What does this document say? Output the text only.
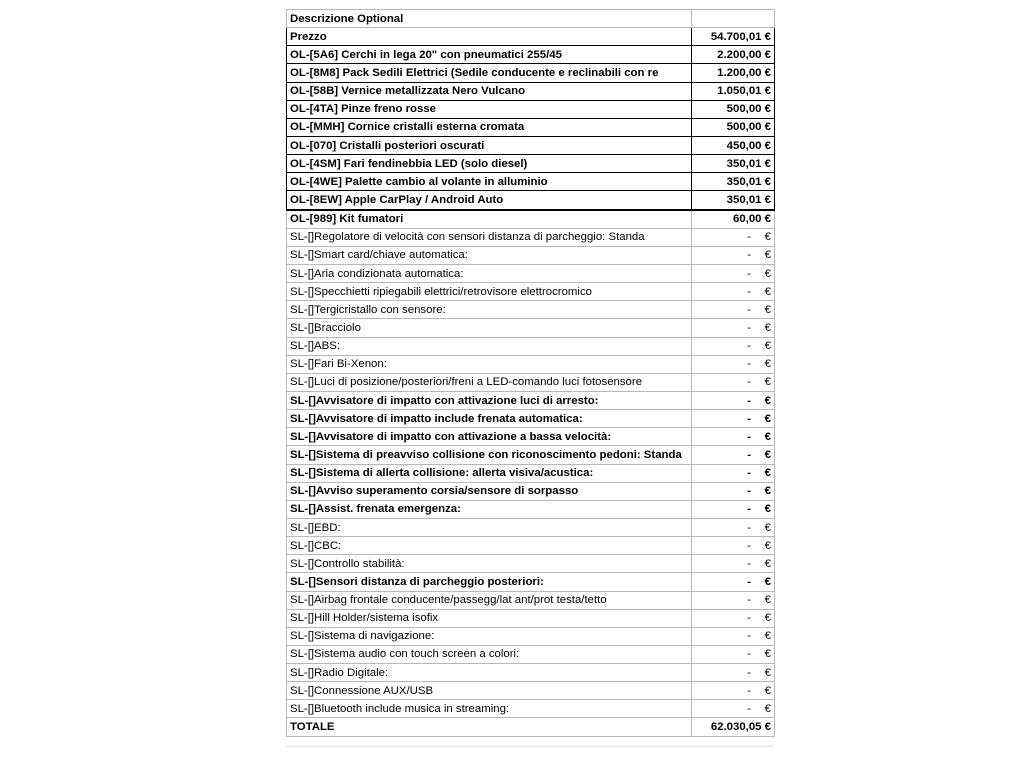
Descrizione Optional	
Prezzo	54.700,01 €
OL-[5A6] Cerchi in lega 20" con pneumatici 255/45	2.200,00 €
OL-[8M8] Pack Sedili Elettrici (Sedile conducente e reclinabili con re	1.200,00 €
OL-[58B] Vernice metallizzata Nero Vulcano	1.050,01 €
OL-[4TA] Pinze freno rosse	500,00 €
OL-[MMH] Cornice cristalli esterna cromata	500,00 €
OL-[070] Cristalli posteriori oscurati	450,00 €
OL-[4SM] Fari fendinebbia LED (solo diesel)	350,01 €
OL-[4WE] Palette cambio al volante in alluminio	350,01 €
OL-[8EW] Apple CarPlay / Android Auto	350,01 €
OL-[989] Kit fumatori	60,00 €
SL-[]Regolatore di velocità con sensori distanza di parcheggio: Standa	- €
SL-[]Smart card/chiave automatica:	- €
SL-[]Aria condizionata automatica:	- €
SL-[]Specchietti ripiegabili elettrici/retrovisore elettrocromico	- €
SL-[]Tergicristallo con sensore:	- €
SL-[]Bracciolo	- €
SL-[]ABS:	- €
SL-[]Fari Bi-Xenon:	- €
SL-[]Luci di posizione/posteriori/freni a LED-comando luci fotosensore	- €
SL-[]Avvisatore di impatto con attivazione luci di arresto:	- €
SL-[]Avvisatore di impatto include frenata automatica:	- €
SL-[]Avvisatore di impatto con attivazione a bassa velocità:	- €
SL-[]Sistema di preavviso collisione con riconoscimento pedoni: Standa	- €
SL-[]Sistema di allerta collisione: allerta visiva/acustica:	- €
SL-[]Avviso superamento corsia/sensore di sorpasso	- €
SL-[]Assist. frenata emergenza:	- €
SL-[]EBD:	- €
SL-[]CBC:	- €
SL-[]Controllo stabilità:	- €
SL-[]Sensori distanza di parcheggio posteriori:	- €
SL-[]Airbag frontale conducente/passegg/lat ant/prot testa/tetto	- €
SL-[]Hill Holder/sistema isofix	- €
SL-[]Sistema di navigazione:	- €
SL-[]Sistema audio con touch screen a colori:	- €
SL-[]Radio Digitale:	- €
SL-[]Connessione AUX/USB	- €
SL-[]Bluetooth include musica in streaming:	- €
TOTALE	62.030,05 €
